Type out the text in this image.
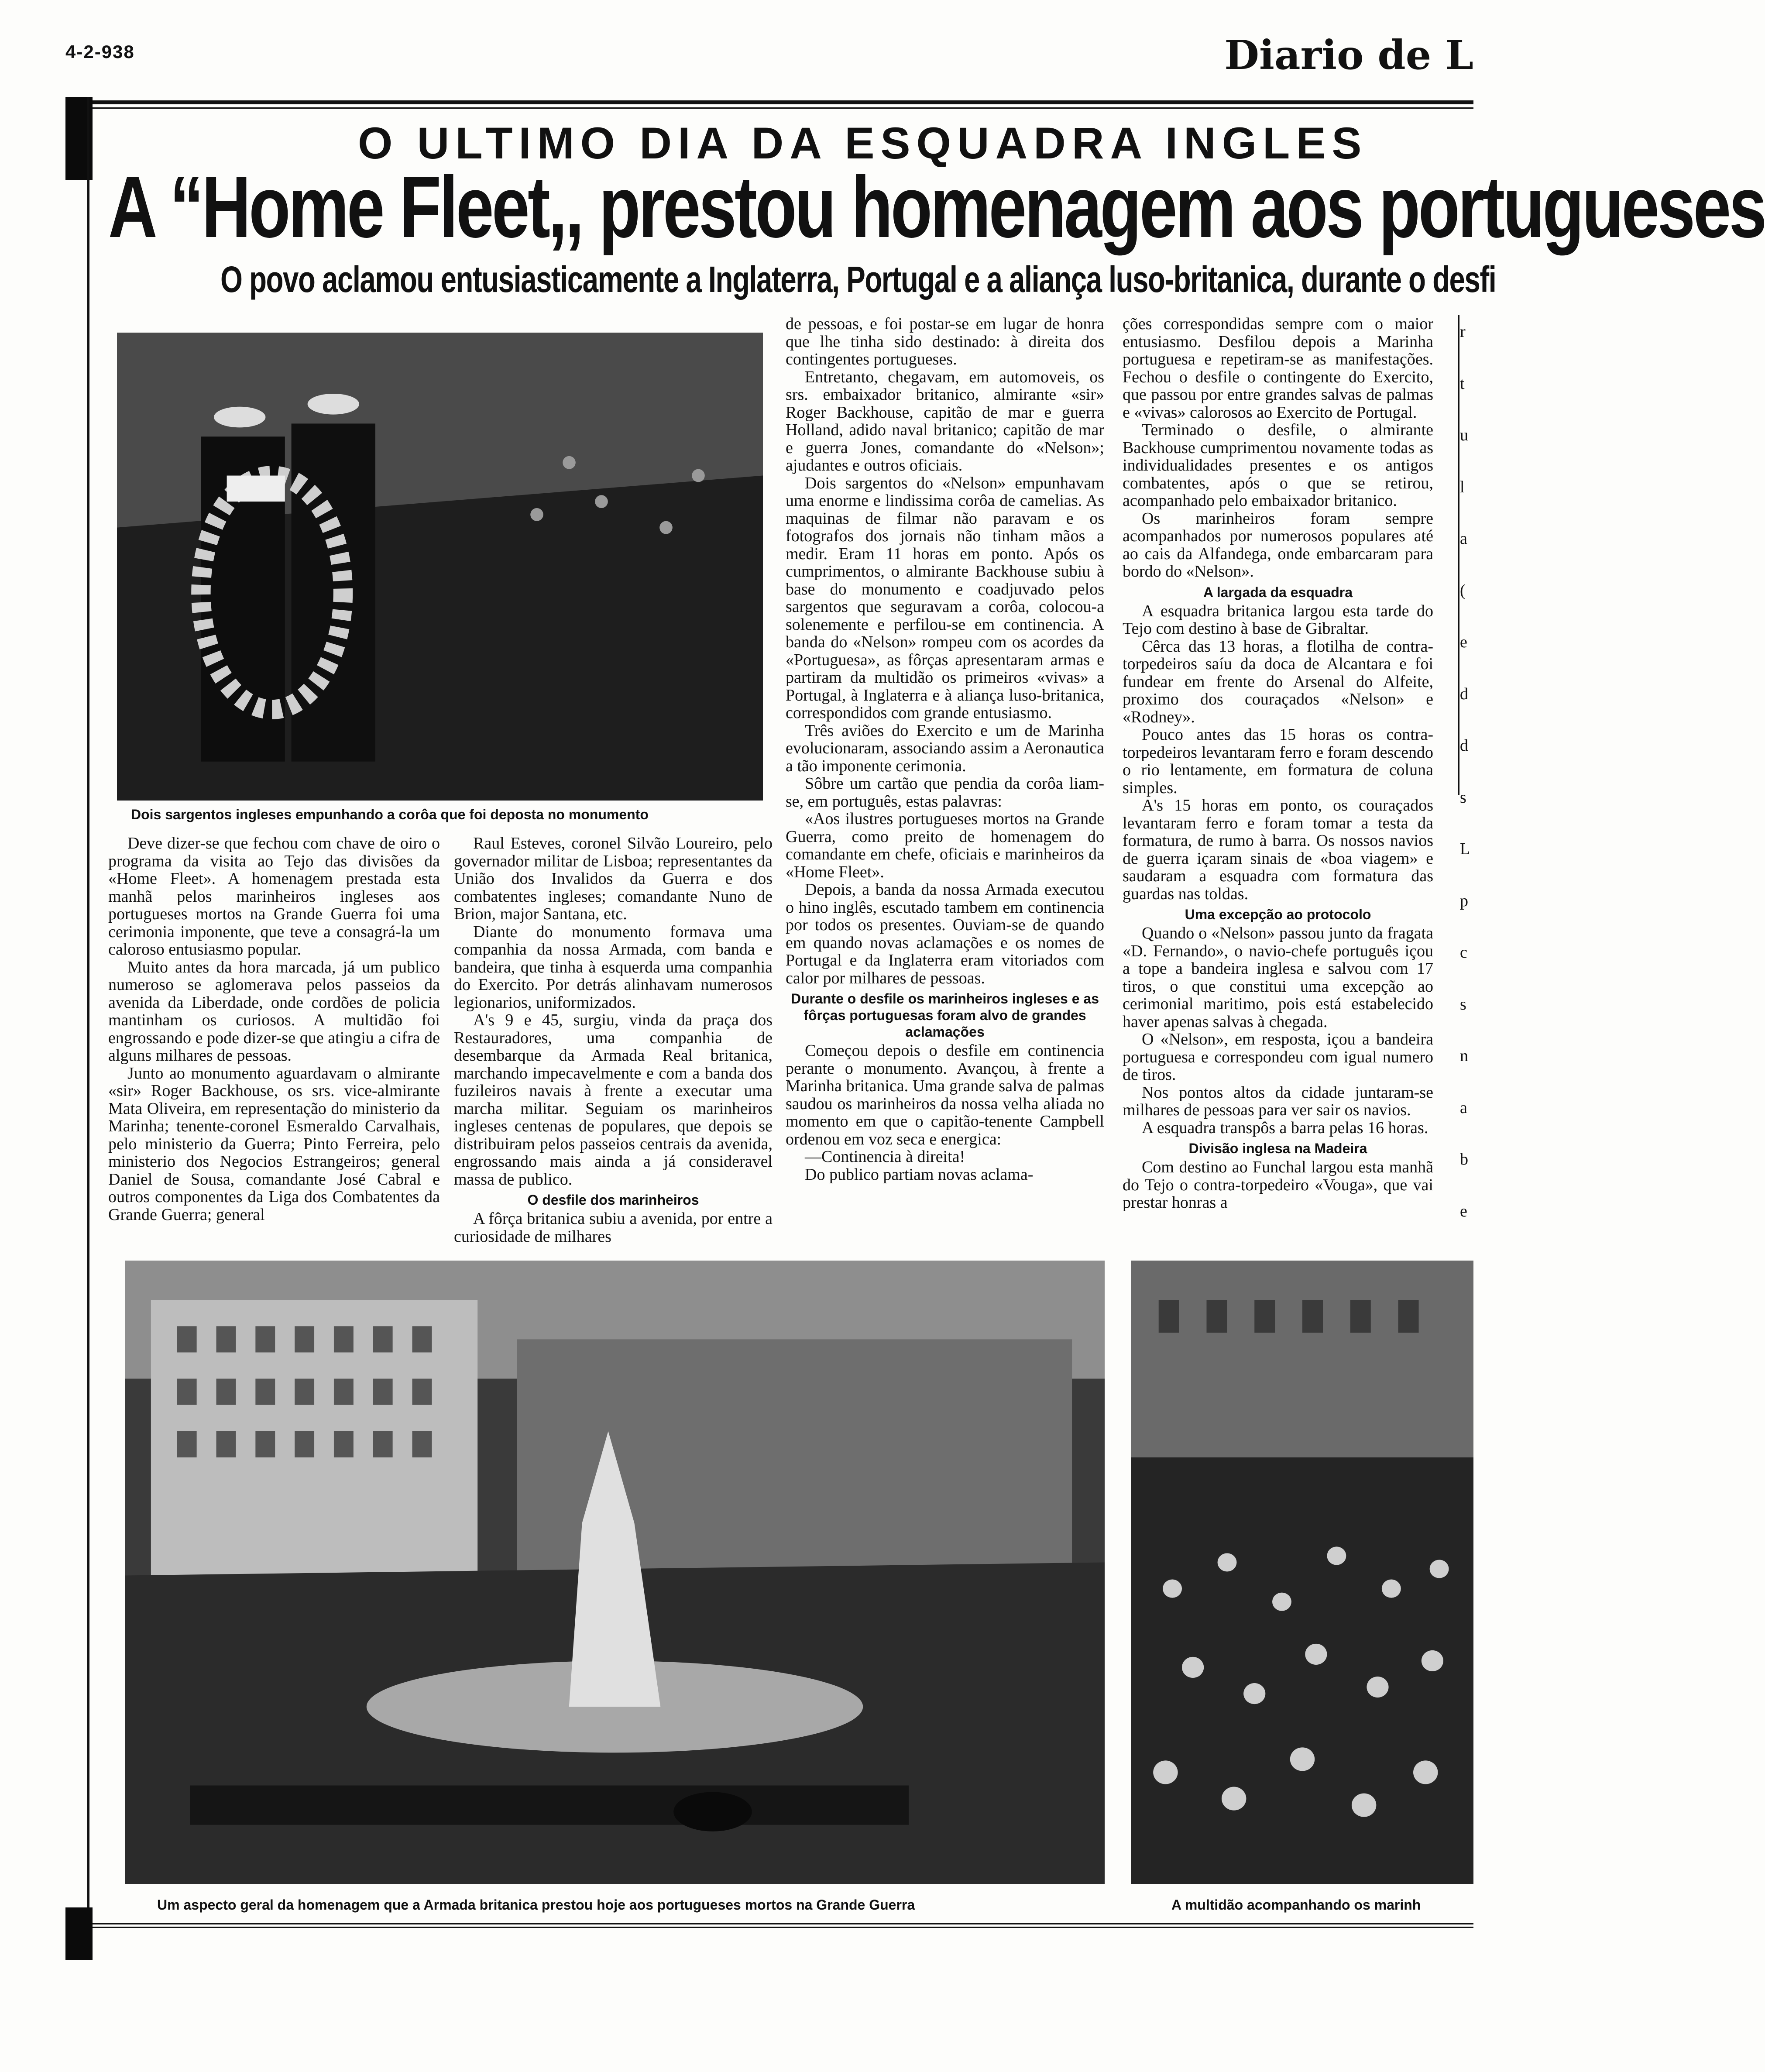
4-2-938	Diario de L
O ULTIMO DIA DA ESQUADRA INGLES
A “Home Fleet,, prestou homenagem aos portugueses
O povo aclamou entusiasticamente a Inglaterra, Portugal e a aliança luso-britanica, durante o desfi
Dois sargentos ingleses empunhando a corôa que foi deposta no monumento

Deve dizer-se que fechou com chave de oiro o programa da visita ao Tejo das divisões da «Home Fleet». A homenagem prestada esta manhã pelos marinheiros ingleses aos portugueses mortos na Grande Guerra foi uma cerimonia imponente, que teve a consagrá-la um caloroso entusiasmo popular.

Muito antes da hora marcada, já um publico numeroso se aglomerava pelos passeios da avenida da Liberdade, onde cordões de policia mantinham os curiosos. A multidão foi engrossando e pode dizer-se que atingiu a cifra de alguns milhares de pessoas.

Junto ao monumento aguardavam o almirante «sir» Roger Backhouse, os srs. vice-almirante Mata Oliveira, em representação do ministerio da Marinha; tenente-coronel Esmeraldo Carvalhais, pelo ministerio da Guerra; Pinto Ferreira, pelo ministerio dos Negocios Estrangeiros; general Daniel de Sousa, comandante José Cabral e outros componentes da Liga dos Combatentes da Grande Guerra; general

Raul Esteves, coronel Silvão Loureiro, pelo governador militar de Lisboa; representantes da União dos Invalidos da Guerra e dos combatentes ingleses; comandante Nuno de Brion, major Santana, etc.

Diante do monumento formava uma companhia da nossa Armada, com banda e bandeira, que tinha à esquerda uma companhia do Exercito. Por detrás alinhavam numerosos legionarios, uniformizados.

A's 9 e 45, surgiu, vinda da praça dos Restauradores, uma companhia de desembarque da Armada Real britanica, marchando impecavelmente e com a banda dos fuzileiros navais à frente a executar uma marcha militar. Seguiam os marinheiros ingleses centenas de populares, que depois se distribuiram pelos passeios centrais da avenida, engrossando mais ainda a já consideravel massa de publico.

O desfile dos marinheiros

A fôrça britanica subiu a avenida, por entre a curiosidade de milhares

de pessoas, e foi postar-se em lugar de honra que lhe tinha sido destinado: à direita dos contingentes portugueses.

Entretanto, chegavam, em automoveis, os srs. embaixador britanico, almirante «sir» Roger Backhouse, capitão de mar e guerra Holland, adido naval britanico; capitão de mar e guerra Jones, comandante do «Nelson»; ajudantes e outros oficiais.

Dois sargentos do «Nelson» empunhavam uma enorme e lindissima corôa de camelias. As maquinas de filmar não paravam e os fotografos dos jornais não tinham mãos a medir. Eram 11 horas em ponto. Após os cumprimentos, o almirante Backhouse subiu à base do monumento e coadjuvado pelos sargentos que seguravam a corôa, colocou-a solenemente e perfilou-se em continencia. A banda do «Nelson» rompeu com os acordes da «Portuguesa», as fôrças apresentaram armas e partiram da multidão os primeiros «vivas» a Portugal, à Inglaterra e à aliança luso-britanica, correspondidos com grande entusiasmo.

Três aviões do Exercito e um de Marinha evolucionaram, associando assim a Aeronautica a tão imponente cerimonia.

Sôbre um cartão que pendia da corôa liam-se, em português, estas palavras:

«Aos ilustres portugueses mortos na Grande Guerra, como preito de homenagem do comandante em chefe, oficiais e marinheiros da «Home Fleet».

Depois, a banda da nossa Armada executou o hino inglês, escutado tambem em continencia por todos os presentes. Ouviam-se de quando em quando novas aclamações e os nomes de Portugal e da Inglaterra eram vitoriados com calor por milhares de pessoas.

Durante o desfile os marinheiros ingleses e as fôrças portuguesas foram alvo de grandes aclamações

Começou depois o desfile em continencia perante o monumento. Avançou, à frente a Marinha britanica. Uma grande salva de palmas saudou os marinheiros da nossa velha aliada no momento em que o capitão-tenente Campbell ordenou em voz seca e energica:

—Continencia à direita!

Do publico partiam novas aclama-

ções correspondidas sempre com o maior entusiasmo. Desfilou depois a Marinha portuguesa e repetiram-se as manifestações. Fechou o desfile o contingente do Exercito, que passou por entre grandes salvas de palmas e «vivas» calorosos ao Exercito de Portugal.

Terminado o desfile, o almirante Backhouse cumprimentou novamente todas as individualidades presentes e os antigos combatentes, após o que se retirou, acompanhado pelo embaixador britanico.

Os marinheiros foram sempre acompanhados por numerosos populares até ao cais da Alfandega, onde embarcaram para bordo do «Nelson».

A largada da esquadra

A esquadra britanica largou esta tarde do Tejo com destino à base de Gibraltar.

Cêrca das 13 horas, a flotilha de contra-torpedeiros saíu da doca de Alcantara e foi fundear em frente do Arsenal do Alfeite, proximo dos couraçados «Nelson» e «Rodney».

Pouco antes das 15 horas os contra-torpedeiros levantaram ferro e foram descendo o rio lentamente, em formatura de coluna simples.

A's 15 horas em ponto, os couraçados levantaram ferro e foram tomar a testa da formatura, de rumo à barra. Os nossos navios de guerra içaram sinais de «boa viagem» e saudaram a esquadra com formatura das guardas nas toldas.

Uma excepção ao protocolo

Quando o «Nelson» passou junto da fragata «D. Fernando», o navio-chefe português içou a tope a bandeira inglesa e salvou com 17 tiros, o que constitui uma excepção ao cerimonial maritimo, pois está estabelecido haver apenas salvas à chegada.

O «Nelson», em resposta, içou a bandeira portuguesa e correspondeu com igual numero de tiros.

Nos pontos altos da cidade juntaram-se milhares de pessoas para ver sair os navios.

A esquadra transpôs a barra pelas 16 horas.

Divisão inglesa na Madeira

Com destino ao Funchal largou esta manhã do Tejo o contra-torpedeiro «Vouga», que vai prestar honras a

r
t
u
l
a
(
e
d
d
s
L
p
c
s
n
a
b
e
Um aspecto geral da homenagem que a Armada britanica prestou hoje aos portugueses mortos na Grande Guerra	A multidão acompanhando os marinh
